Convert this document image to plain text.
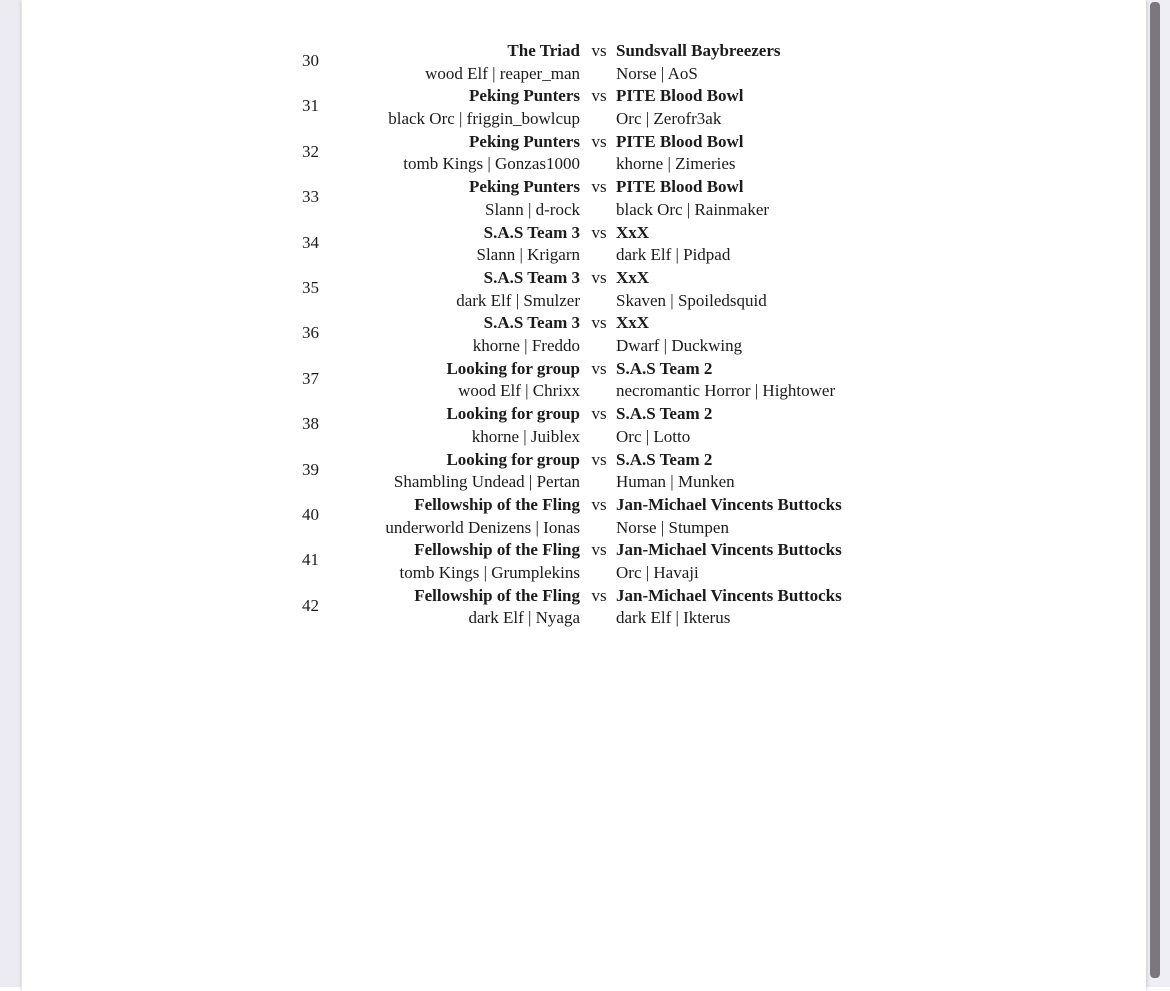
30
The Triad vs Sundsvall Baybreezers
wood Elf | reaper_man Norse | AoS
31
Peking Punters vs PITE Blood Bowl
black Orc | friggin_bowlcup Orc | Zerofr3ak
32
Peking Punters vs PITE Blood Bowl
tomb Kings | Gonzas1000 khorne | Zimeries
33
Peking Punters vs PITE Blood Bowl
Slann | d-rock black Orc | Rainmaker
34
S.A.S Team 3 vs XxX
Slann | Krigarn dark Elf | Pidpad
35
S.A.S Team 3 vs XxX
dark Elf | Smulzer Skaven | Spoiledsquid
36
S.A.S Team 3 vs XxX
khorne | Freddo Dwarf | Duckwing
37
Looking for group vs S.A.S Team 2
wood Elf | Chrixx necromantic Horror | Hightower
38
Looking for group vs S.A.S Team 2
khorne | Juiblex Orc | Lotto
39
Looking for group vs S.A.S Team 2
Shambling Undead | Pertan Human | Munken
40
Fellowship of the Fling vs Jan-Michael Vincents Buttocks
underworld Denizens | Ionas Norse | Stumpen
41
Fellowship of the Fling vs Jan-Michael Vincents Buttocks
tomb Kings | Grumplekins Orc | Havaji
42
Fellowship of the Fling vs Jan-Michael Vincents Buttocks
dark Elf | Nyaga dark Elf | Ikterus
